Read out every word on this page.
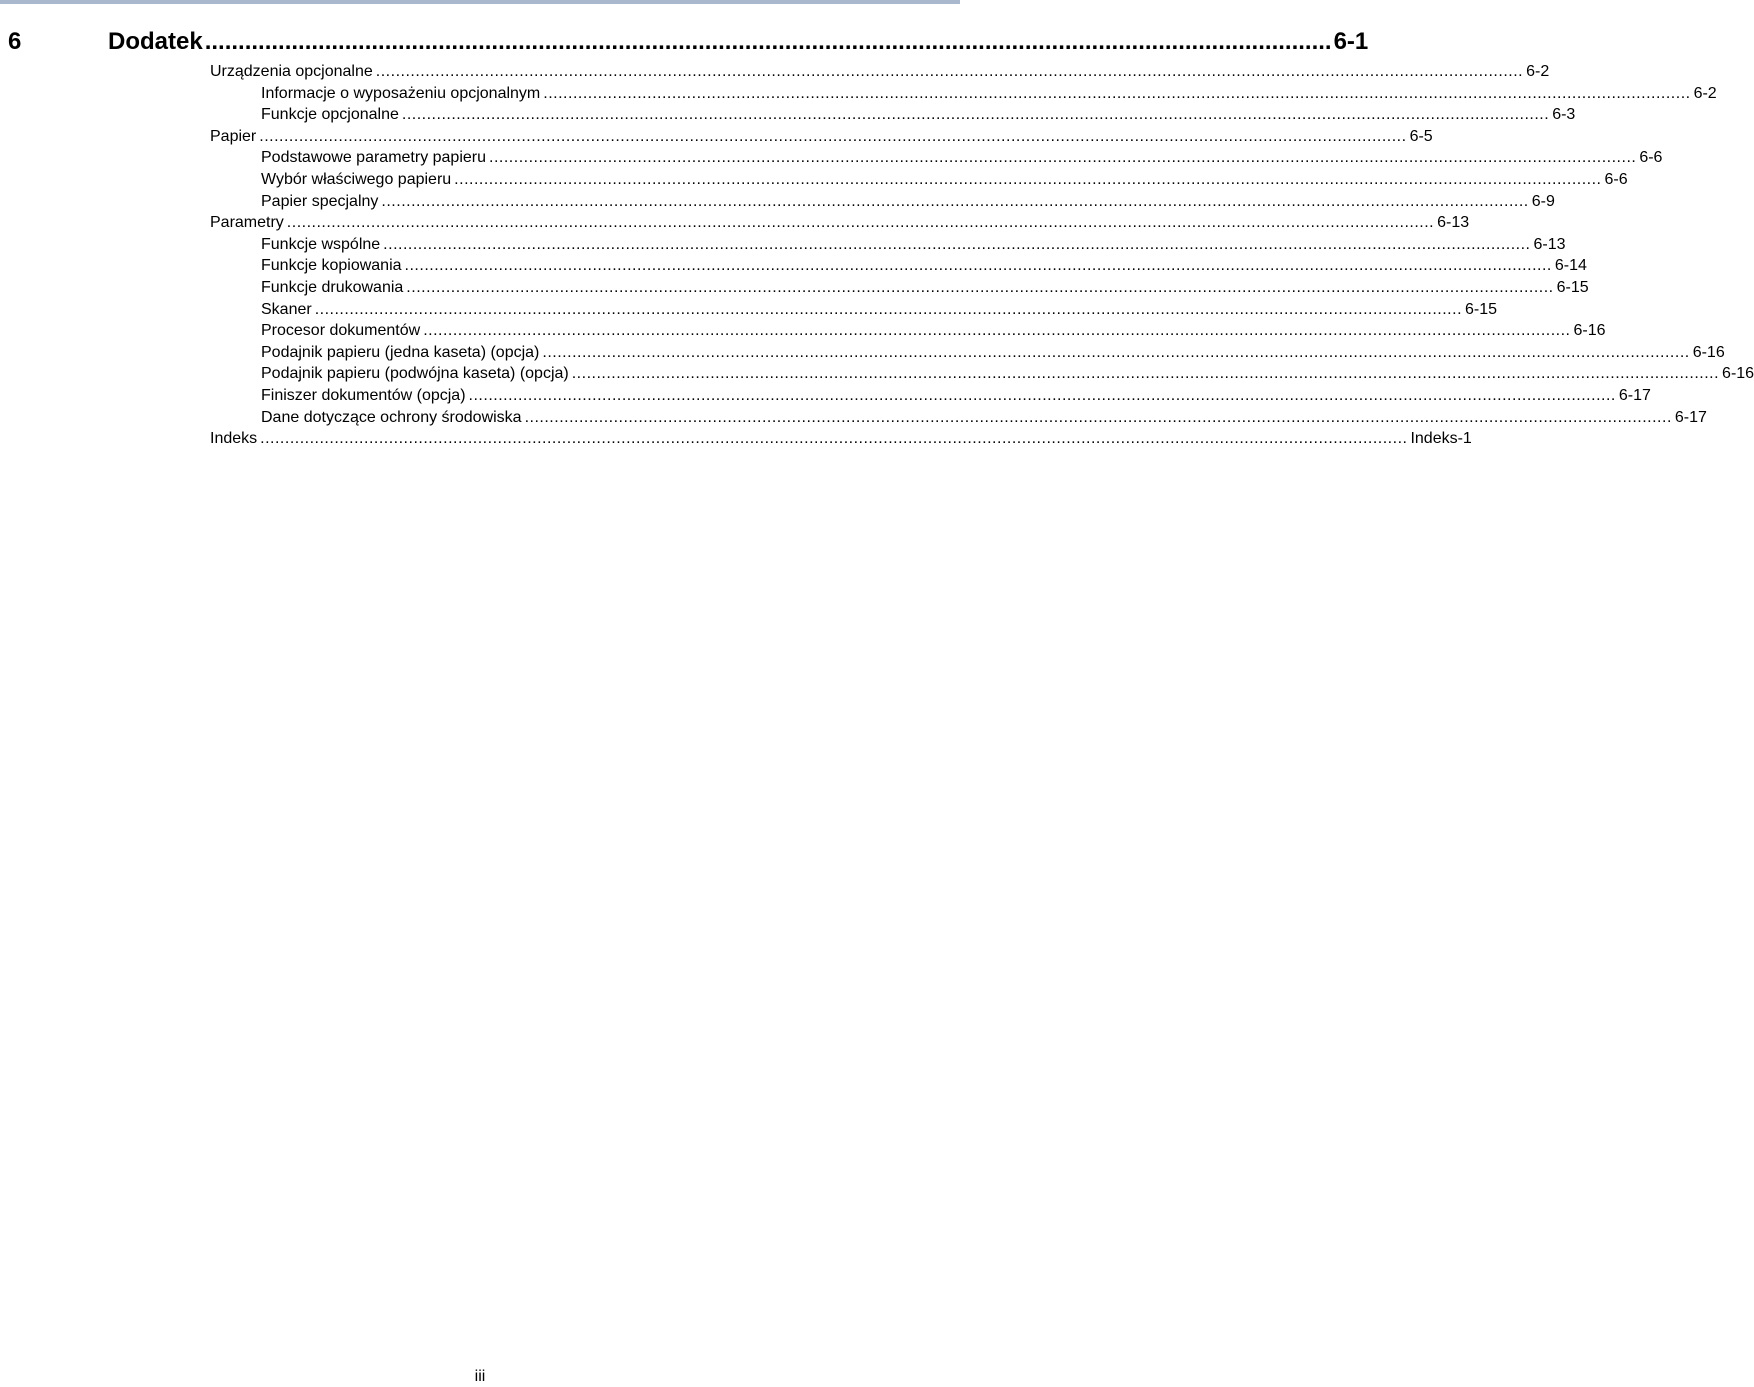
6	Dodatek ......................................................................................................................................................................... 6-1
Urządzenia opcjonalne ........................................................................................................................................................................................................................................ 6-2
Informacje o wyposażeniu opcjonalnym ........................................................................................................................................................................................................................................ 6-2
Funkcje opcjonalne ........................................................................................................................................................................................................................................ 6-3
Papier ........................................................................................................................................................................................................................................ 6-5
Podstawowe parametry papieru ........................................................................................................................................................................................................................................ 6-6
Wybór właściwego papieru ........................................................................................................................................................................................................................................ 6-6
Papier specjalny ........................................................................................................................................................................................................................................ 6-9
Parametry ........................................................................................................................................................................................................................................ 6-13
Funkcje wspólne ........................................................................................................................................................................................................................................ 6-13
Funkcje kopiowania ........................................................................................................................................................................................................................................ 6-14
Funkcje drukowania ........................................................................................................................................................................................................................................ 6-15
Skaner ........................................................................................................................................................................................................................................ 6-15
Procesor dokumentów ........................................................................................................................................................................................................................................ 6-16
Podajnik papieru (jedna kaseta) (opcja) ........................................................................................................................................................................................................................................ 6-16
Podajnik papieru (podwójna kaseta) (opcja) ........................................................................................................................................................................................................................................ 6-16
Finiszer dokumentów (opcja) ........................................................................................................................................................................................................................................ 6-17
Dane dotyczące ochrony środowiska ........................................................................................................................................................................................................................................ 6-17
Indeks ........................................................................................................................................................................................................................................ Indeks-1
iii
